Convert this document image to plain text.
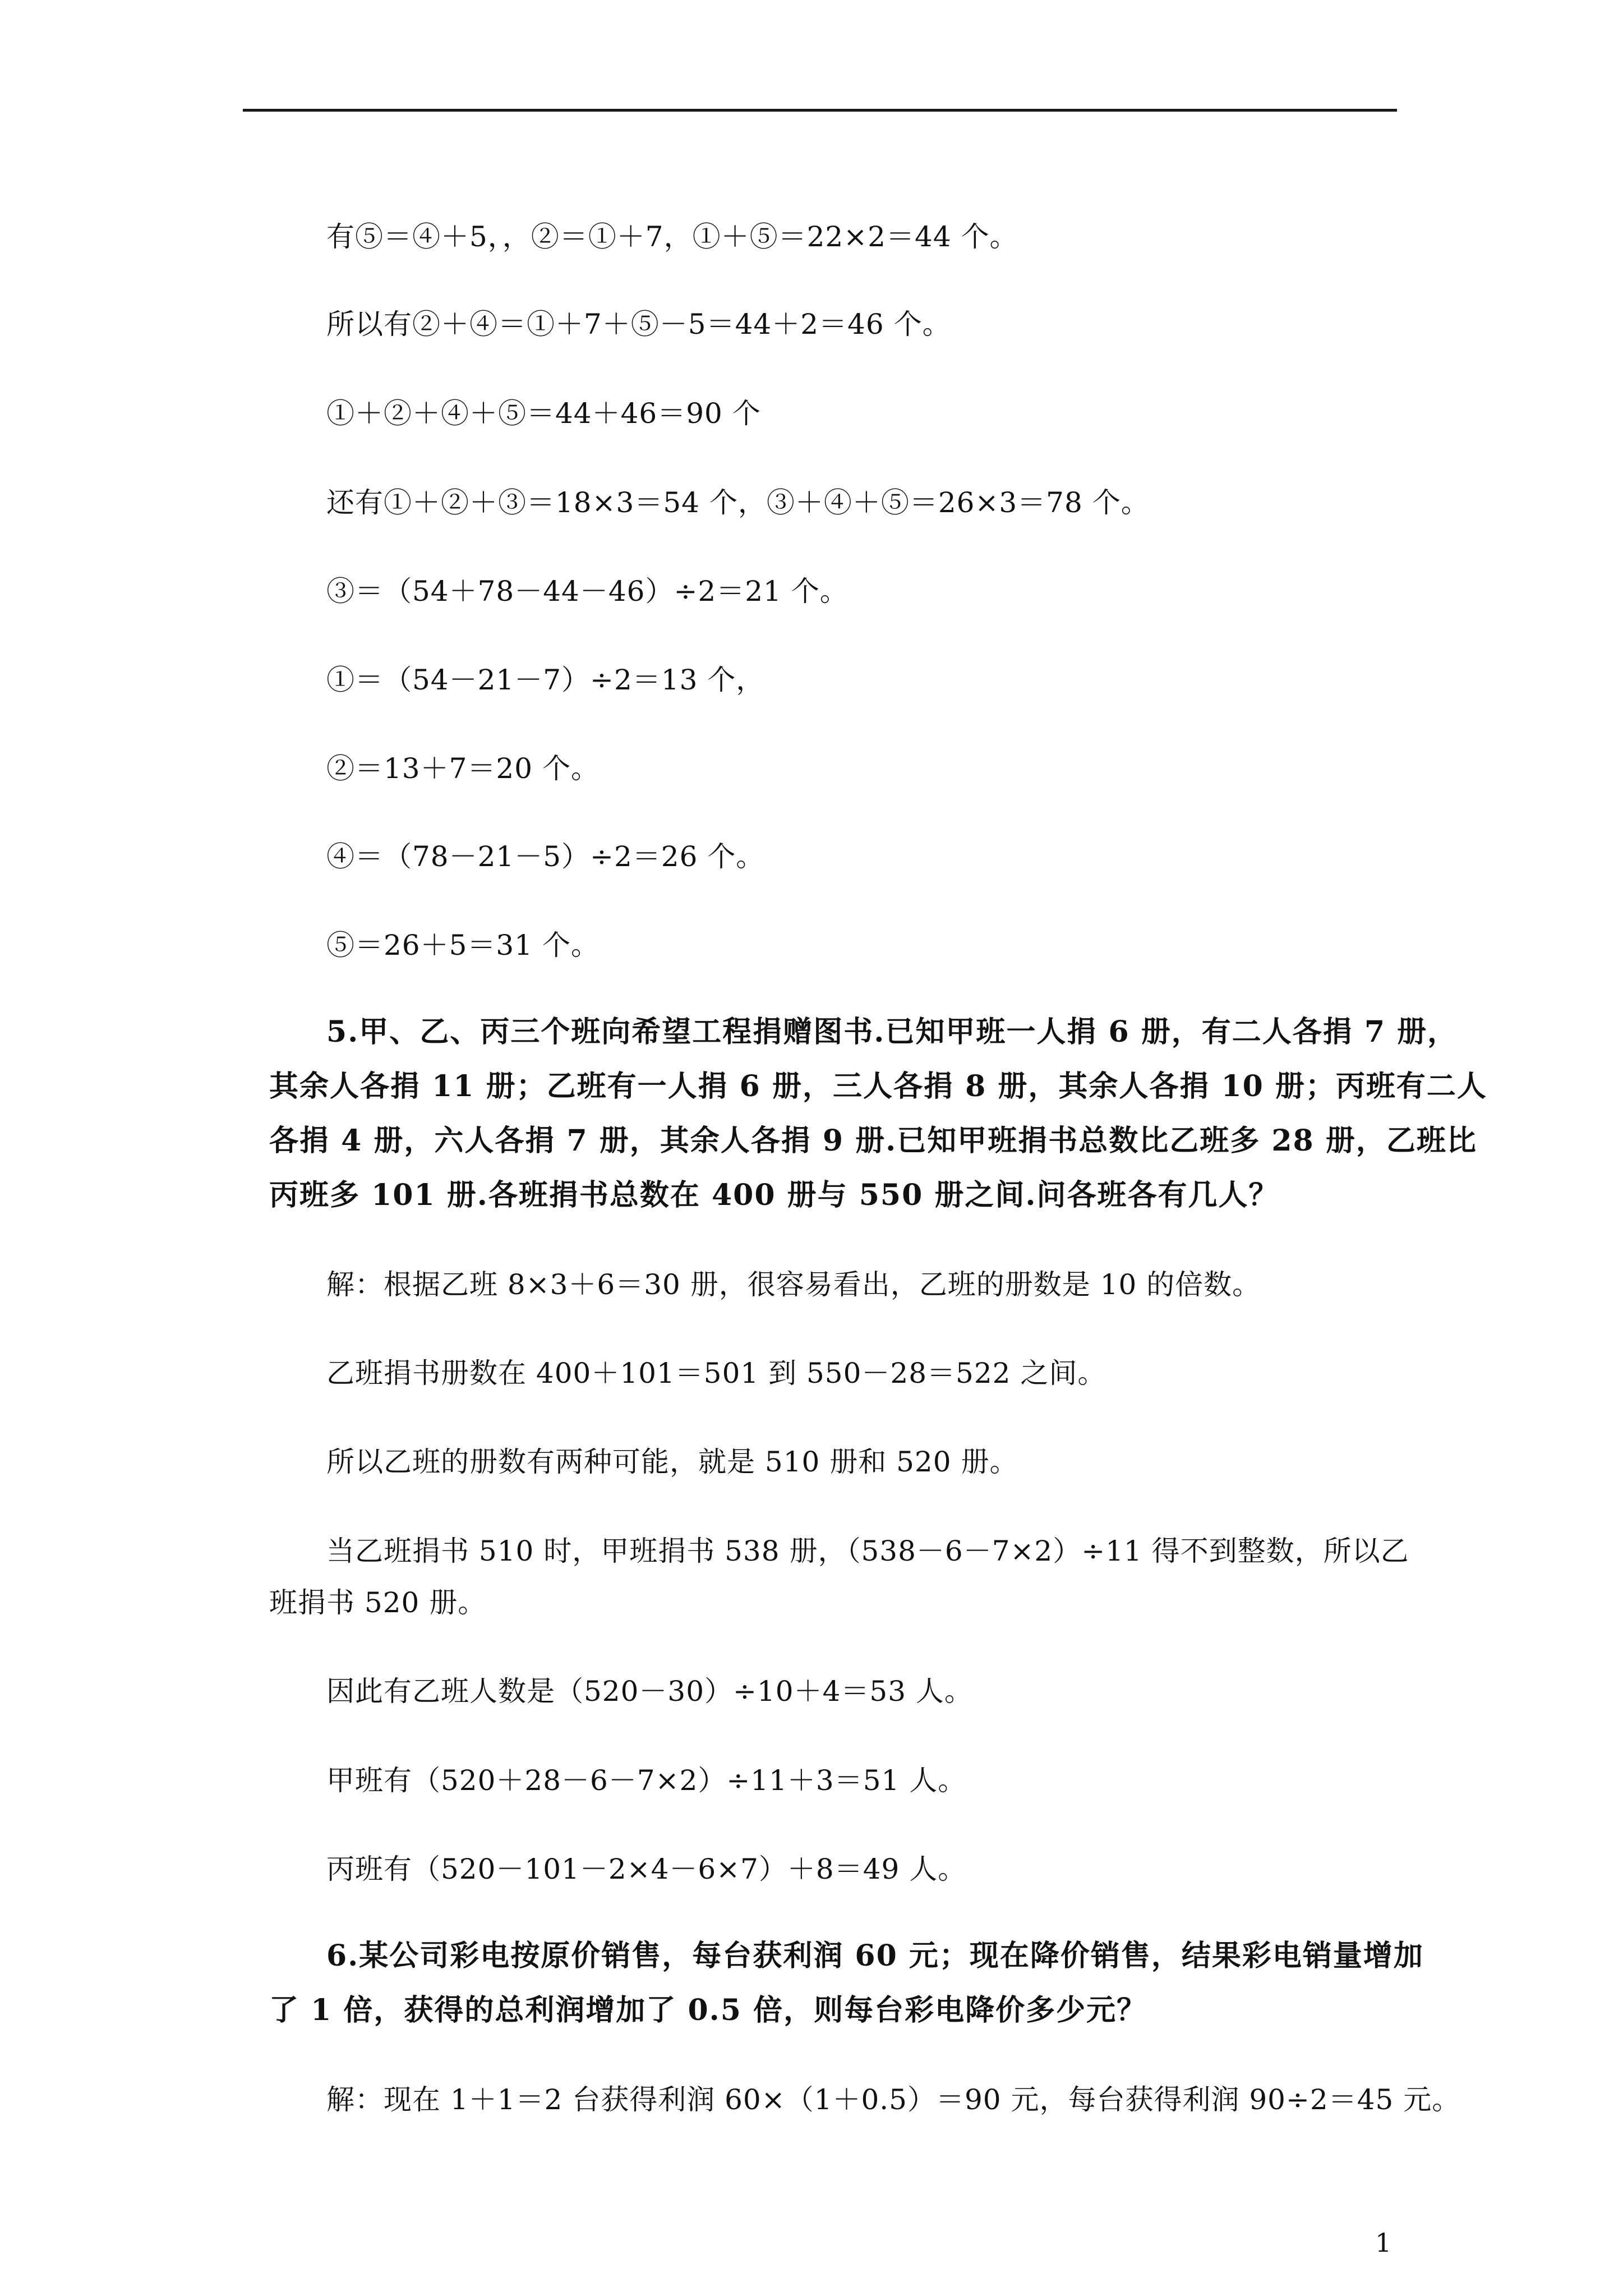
有⑤＝④＋5，，②＝①＋7，①＋⑤＝22×2＝44 个。
所以有②＋④＝①＋7＋⑤－5＝44＋2＝46 个。
①＋②＋④＋⑤＝44＋46＝90 个
还有①＋②＋③＝18×3＝54 个，③＋④＋⑤＝26×3＝78 个。
③＝（54＋78－44－46）÷2＝21 个。
①＝（54－21－7）÷2＝13 个，
②＝13＋7＝20 个。
④＝（78－21－5）÷2＝26 个。
⑤＝26＋5＝31 个。
5.甲、乙、丙三个班向希望工程捐赠图书.已知甲班一人捐 6 册，有二人各捐 7 册，
其余人各捐 11 册；乙班有一人捐 6 册，三人各捐 8 册，其余人各捐 10 册；丙班有二人
各捐 4 册，六人各捐 7 册，其余人各捐 9 册.已知甲班捐书总数比乙班多 28 册，乙班比
丙班多 101 册.各班捐书总数在 400 册与 550 册之间.问各班各有几人？
解：根据乙班 8×3＋6＝30 册，很容易看出，乙班的册数是 10 的倍数。
乙班捐书册数在 400＋101＝501 到 550－28＝522 之间。
所以乙班的册数有两种可能，就是 510 册和 520 册。
当乙班捐书 510 时，甲班捐书 538 册，（538－6－7×2）÷11 得不到整数，所以乙
班捐书 520 册。
因此有乙班人数是（520－30）÷10＋4＝53 人。
甲班有（520＋28－6－7×2）÷11＋3＝51 人。
丙班有（520－101－2×4－6×7）＋8＝49 人。
6.某公司彩电按原价销售，每台获利润 60 元；现在降价销售，结果彩电销量增加
了 1 倍，获得的总利润增加了 0.5 倍，则每台彩电降价多少元？
解：现在 1＋1＝2 台获得利润 60×（1＋0.5）＝90 元，每台获得利润 90÷2＝45 元。
1
